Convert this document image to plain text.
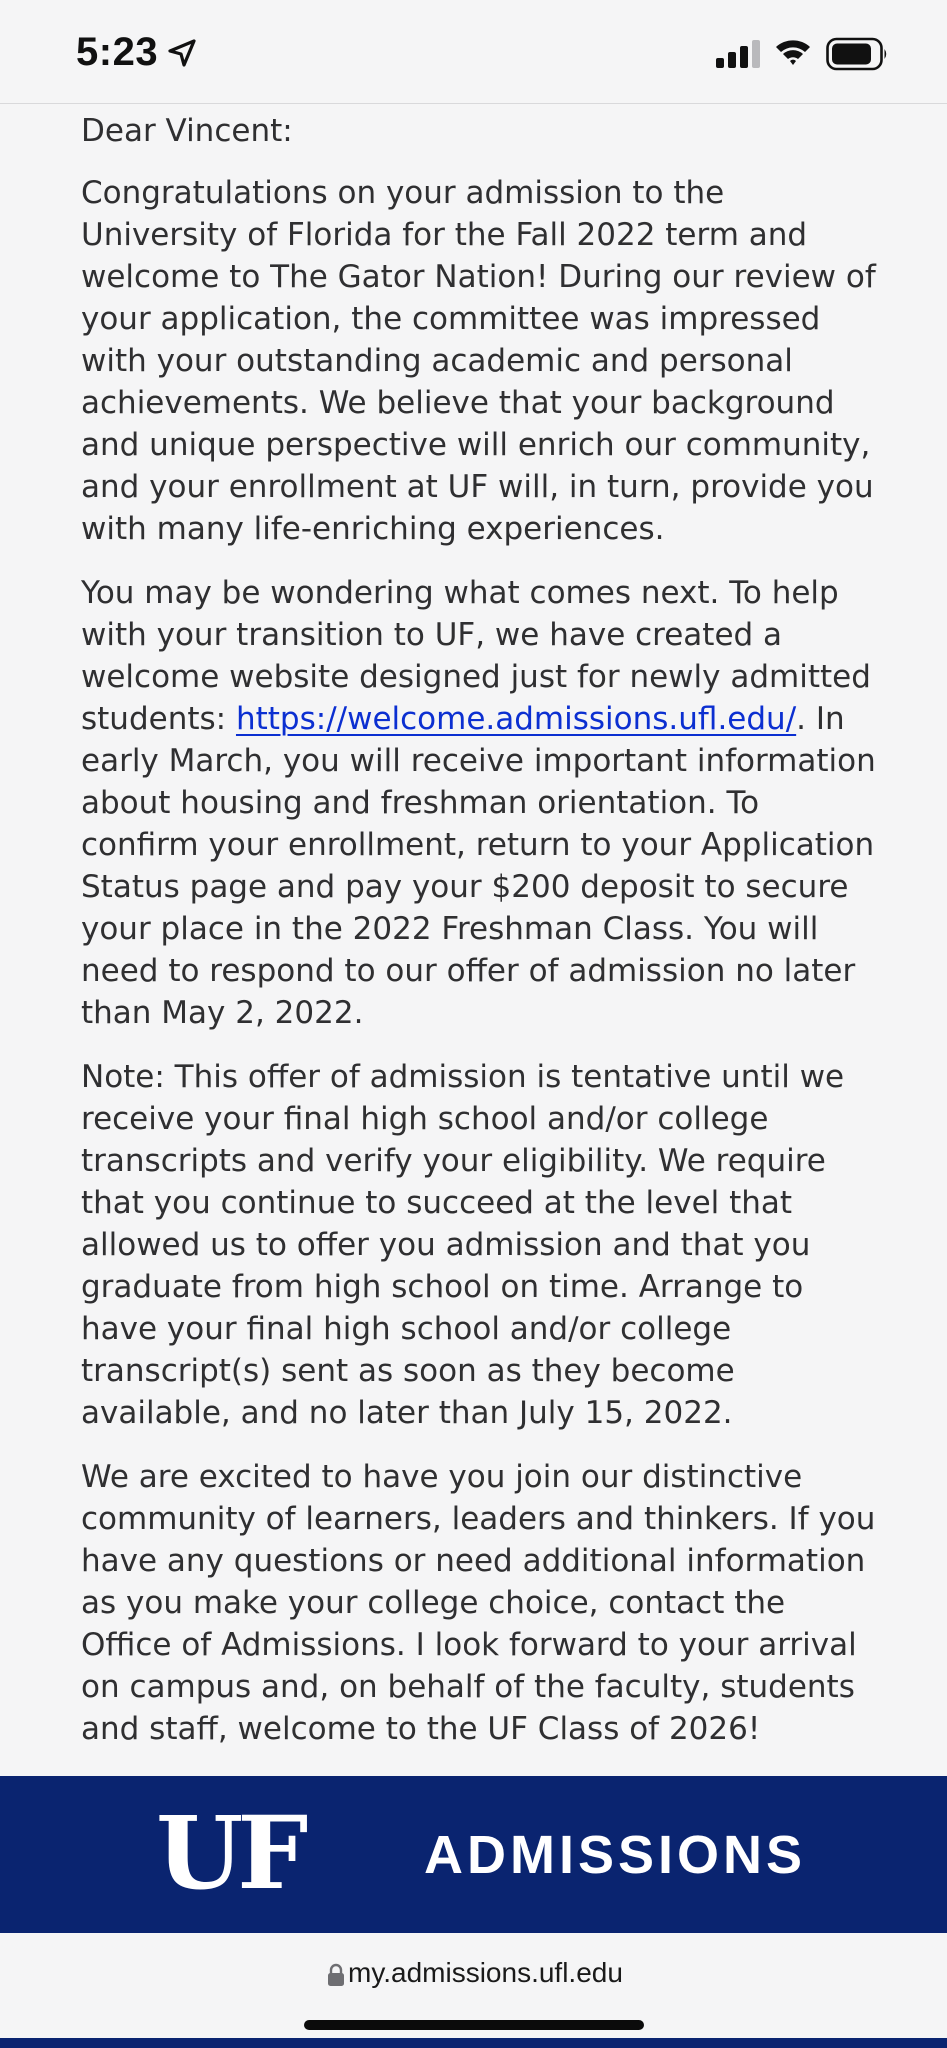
5:23

Dear Vincent:

Congratulations on your admission to the University of Florida for the Fall 2022 term and welcome to The Gator Nation! During our review of your application, the committee was impressed with your outstanding academic and personal achievements. We believe that your background and unique perspective will enrich our community, and your enrollment at UF will, in turn, provide you with many life-enriching experiences.

You may be wondering what comes next. To help with your transition to UF, we have created a welcome website designed just for newly admitted students: https://welcome.admissions.ufl.edu/. In early March, you will receive important information about housing and freshman orientation. To confirm your enrollment, return to your Application Status page and pay your $200 deposit to secure your place in the 2022 Freshman Class. You will need to respond to our offer of admission no later than May 2, 2022.

Note: This offer of admission is tentative until we receive your final high school and/or college transcripts and verify your eligibility. We require that you continue to succeed at the level that allowed us to offer you admission and that you graduate from high school on time. Arrange to have your final high school and/or college transcript(s) sent as soon as they become available, and no later than July 15, 2022.

We are excited to have you join our distinctive community of learners, leaders and thinkers. If you have any questions or need additional information as you make your college choice, contact the Office of Admissions. I look forward to your arrival on campus and, on behalf of the faculty, students and staff, welcome to the UF Class of 2026!

UF ADMISSIONS
my.admissions.ufl.edu
